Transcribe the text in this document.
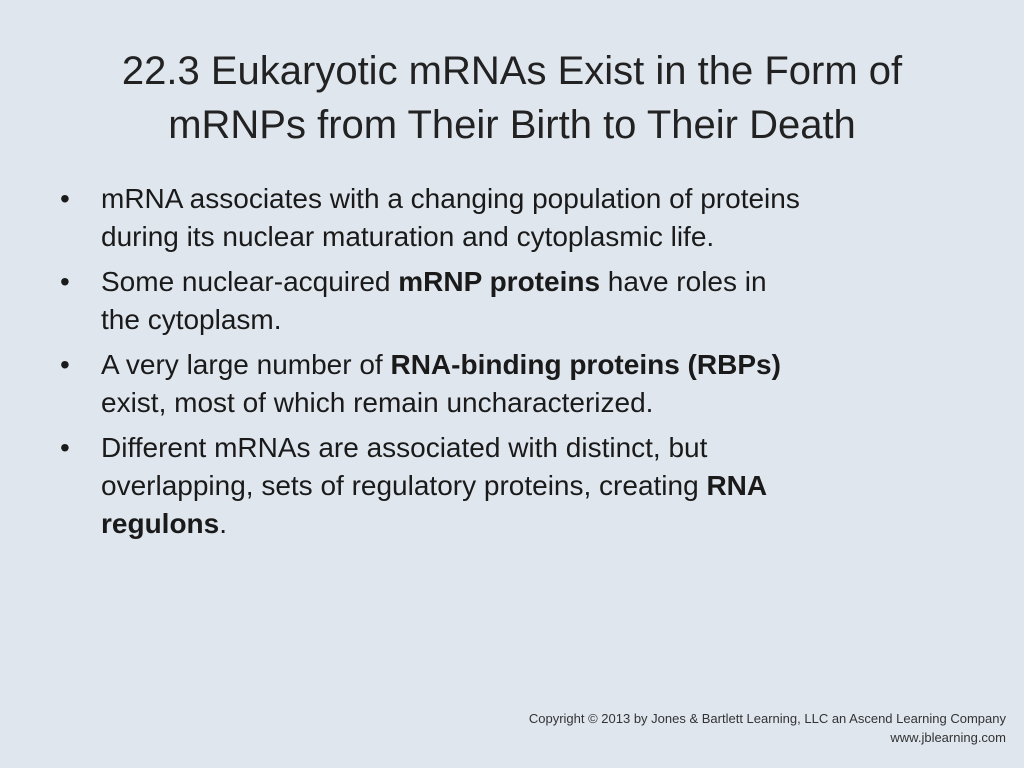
22.3 Eukaryotic mRNAs Exist in the Form of
mRNPs from Their Birth to Their Death
• mRNA associates with a changing population of proteins
during its nuclear maturation and cytoplasmic life.
• Some nuclear-acquired mRNP proteins have roles in
the cytoplasm.
• A very large number of RNA-binding proteins (RBPs)
exist, most of which remain uncharacterized.
• Different mRNAs are associated with distinct, but
overlapping, sets of regulatory proteins, creating RNA
regulons.
Copyright © 2013 by Jones & Bartlett Learning, LLC an Ascend Learning Company
www.jblearning.com
